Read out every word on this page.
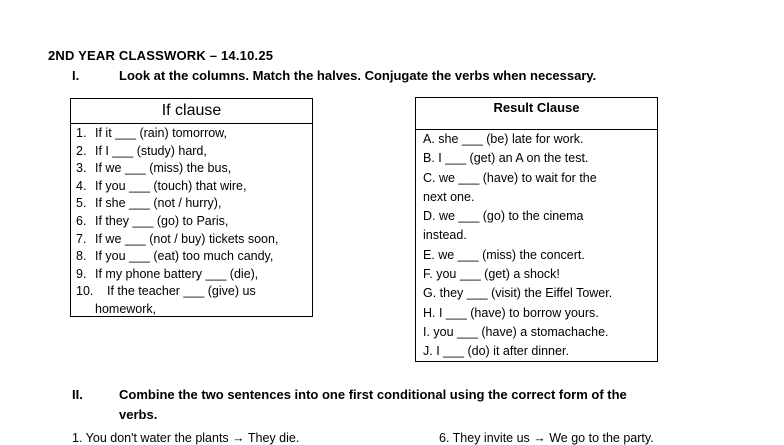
2ND YEAR CLASSWORK – 14.10.25
I.	Look at the columns. Match the halves. Conjugate the verbs when necessary.
If clause
1. If it ___ (rain) tomorrow,
2. If I ___ (study) hard,
3. If we ___ (miss) the bus,
4. If you ___ (touch) that wire,
5. If she ___ (not / hurry),
6. If they ___ (go) to Paris,
7. If we ___ (not / buy) tickets soon,
8. If you ___ (eat) too much candy,
9. If my phone battery ___ (die),
10. If the teacher ___ (give) us
homework,
Result Clause
A. she ___ (be) late for work.
B. I ___ (get) an A on the test.
C. we ___ (have) to wait for the
next one.
D. we ___ (go) to the cinema
instead.
E. we ___ (miss) the concert.
F. you ___ (get) a shock!
G. they ___ (visit) the Eiffel Tower.
H. I ___ (have) to borrow yours.
I. you ___ (have) a stomachache.
J. I ___ (do) it after dinner.
II.	Combine the two sentences into one first conditional using the correct form of the
verbs.
1. You don't water the plants → They die.	6. They invite us → We go to the party.
